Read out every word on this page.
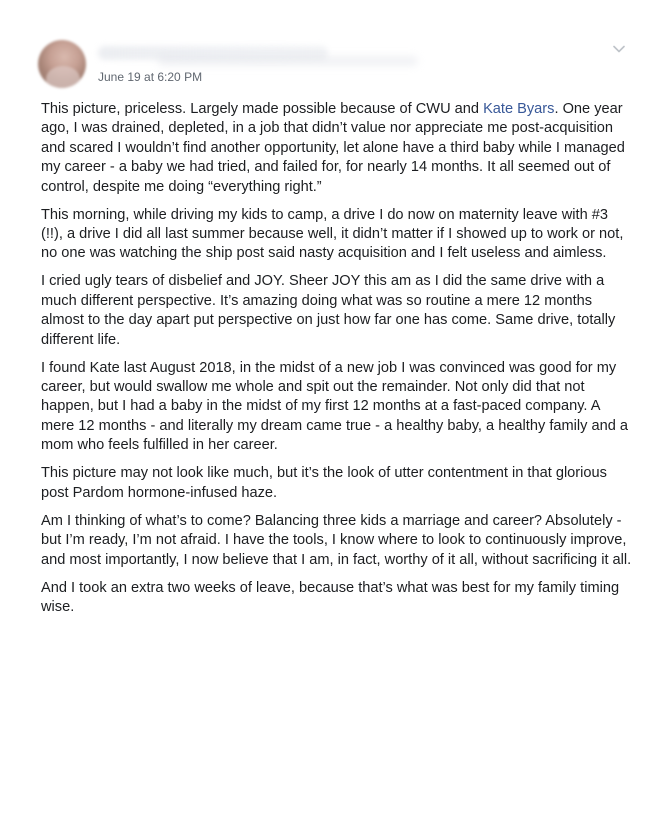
June 19 at 6:20 PM

This picture, priceless. Largely made possible because of CWU and Kate Byars. One year ago, I was drained, depleted, in a job that didn’t value nor appreciate me post-acquisition and scared I wouldn’t find another opportunity, let alone have a third baby while I managed my career - a baby we had tried, and failed for, for nearly 14 months. It all seemed out of control, despite me doing “everything right.”

This morning, while driving my kids to camp, a drive I do now on maternity leave with #3 (!!), a drive I did all last summer because well, it didn’t matter if I showed up to work or not, no one was watching the ship post said nasty acquisition and I felt useless and aimless.

I cried ugly tears of disbelief and JOY. Sheer JOY this am as I did the same drive with a much different perspective. It’s amazing doing what was so routine a mere 12 months almost to the day apart put perspective on just how far one has come. Same drive, totally different life.

I found Kate last August 2018, in the midst of a new job I was convinced was good for my career, but would swallow me whole and spit out the remainder. Not only did that not happen, but I had a baby in the midst of my first 12 months at a fast-paced company. A mere 12 months - and literally my dream came true - a healthy baby, a healthy family and a mom who feels fulfilled in her career.

This picture may not look like much, but it’s the look of utter contentment in that glorious post Pardom hormone-infused haze.

Am I thinking of what’s to come? Balancing three kids a marriage and career? Absolutely - but I’m ready, I’m not afraid. I have the tools, I know where to look to continuously improve, and most importantly, I now believe that I am, in fact, worthy of it all, without sacrificing it all.

And I took an extra two weeks of leave, because that’s what was best for my family timing wise.
